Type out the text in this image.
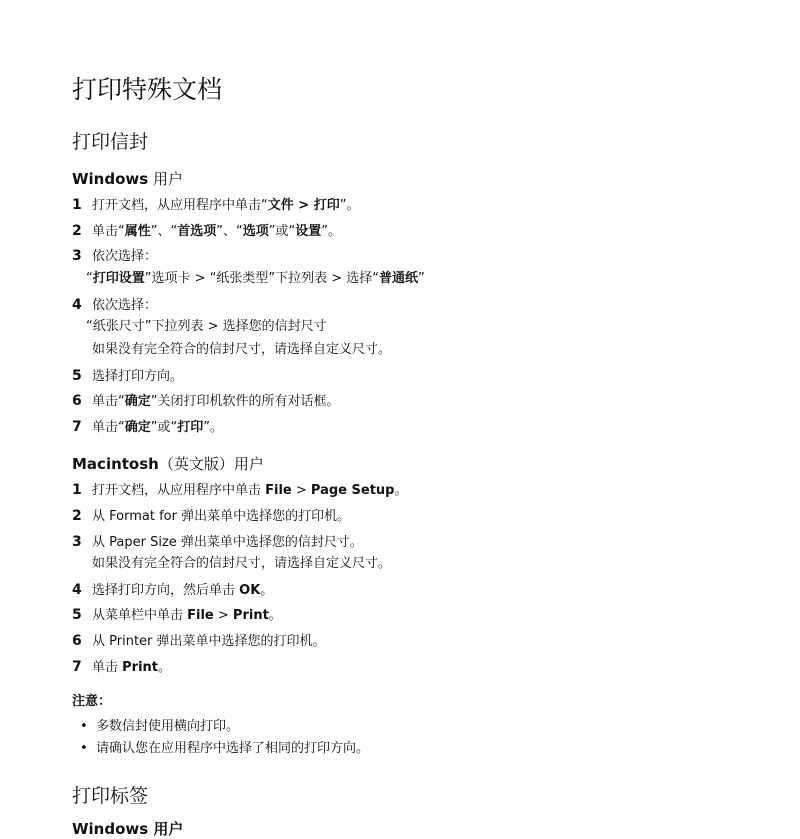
打印特殊文档
打印信封
Windows 用户
1 打开文档，从应用程序中单击“文件 > 打印”。
2 单击“属性”、“首选项”、“选项”或“设置”。
3 依次选择：
“打印设置”选项卡 > “纸张类型”下拉列表 > 选择“普通纸”
4 依次选择：
“纸张尺寸”下拉列表 > 选择您的信封尺寸
如果没有完全符合的信封尺寸，请选择自定义尺寸。
5 选择打印方向。
6 单击“确定”关闭打印机软件的所有对话框。
7 单击“确定”或“打印”。
Macintosh（英文版）用户
1 打开文档，从应用程序中单击 File > Page Setup。
2 从 Format for 弹出菜单中选择您的打印机。
3 从 Paper Size 弹出菜单中选择您的信封尺寸。
如果没有完全符合的信封尺寸，请选择自定义尺寸。
4 选择打印方向，然后单击 OK。
5 从菜单栏中单击 File > Print。
6 从 Printer 弹出菜单中选择您的打印机。
7 单击 Print。
注意：
• 多数信封使用横向打印。
• 请确认您在应用程序中选择了相同的打印方向。
打印标签
Windows 用户
